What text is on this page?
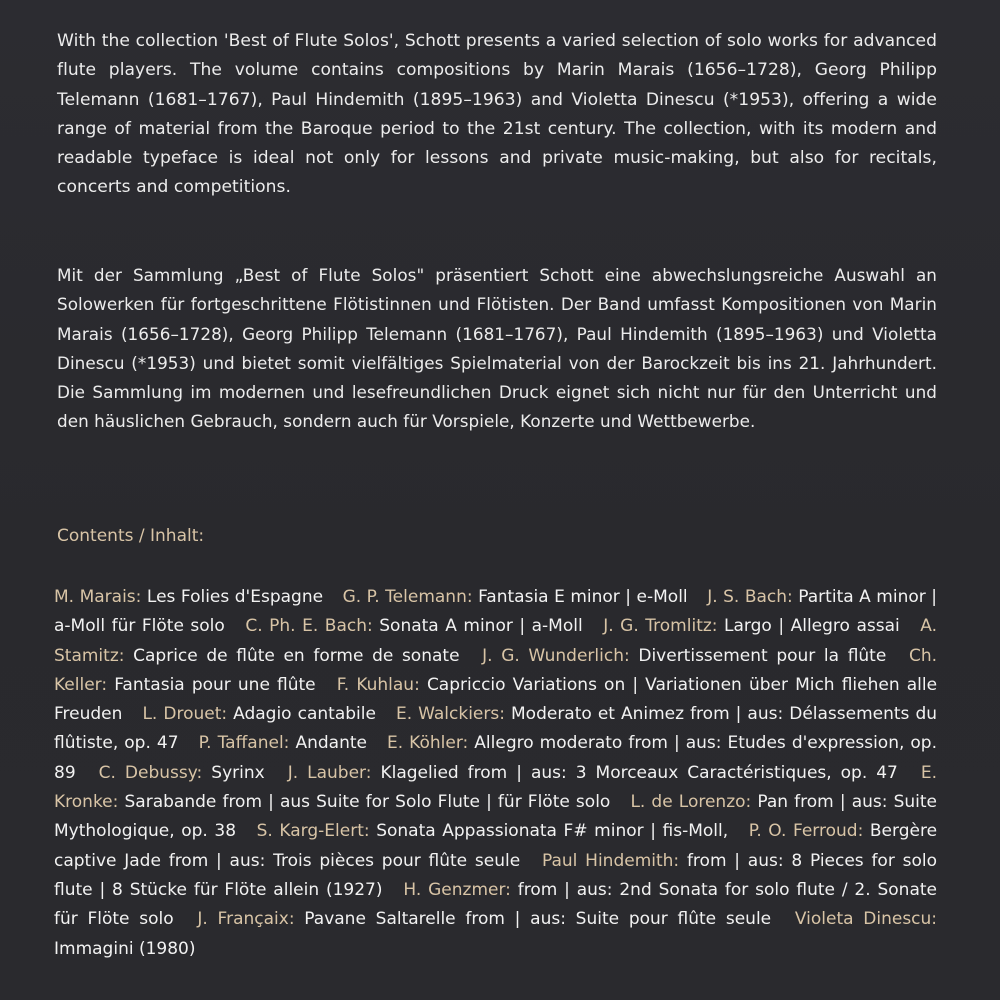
With the collection 'Best of Flute Solos', Schott presents a varied selection of solo works for advanced flute players. The volume contains compositions by Marin Marais (1656–1728), Georg Philipp Telemann (1681–1767), Paul Hindemith (1895–1963) and Violetta Dinescu (*1953), offering a wide range of material from the Baroque period to the 21st century. The collection, with its modern and readable typeface is ideal not only for lessons and private music-making, but also for recitals, concerts and competitions.

Mit der Sammlung „Best of Flute Solos" präsentiert Schott eine abwechslungsreiche Auswahl an Solowerken für fortgeschrittene Flötistinnen und Flötisten. Der Band umfasst Kompositionen von Marin Marais (1656–1728), Georg Philipp Telemann (1681–1767), Paul Hindemith (1895–1963) und Violetta Dinescu (*1953) und bietet somit vielfältiges Spielmaterial von der Barockzeit bis ins 21. Jahrhundert. Die Sammlung im modernen und lesefreundlichen Druck eignet sich nicht nur für den Unterricht und den häuslichen Gebrauch, sondern auch für Vorspiele, Konzerte und Wettbewerbe.

Contents / Inhalt:
M. Marais: Les Folies d'Espagne G. P. Telemann: Fantasia E minor | e-Moll J. S. Bach: Partita A minor | a-Moll für Flöte solo C. Ph. E. Bach: Sonata A minor | a-Moll J. G. Tromlitz: Largo | Allegro assai A. Stamitz: Caprice de flûte en forme de sonate J. G. Wunderlich: Divertissement pour la flûte Ch. Keller: Fantasia pour une flûte F. Kuhlau: Capriccio Variations on | Variationen über Mich fliehen alle Freuden L. Drouet: Adagio cantabile E. Walckiers: Moderato et Animez from | aus: Délassements du flûtiste, op. 47 P. Taffanel: Andante E. Köhler: Allegro moderato from | aus: Etudes d'expression, op. 89 C. Debussy: Syrinx J. Lauber: Klagelied from | aus: 3 Morceaux Caractéristiques, op. 47 E. Kronke: Sarabande from | aus Suite for Solo Flute | für Flöte solo L. de Lorenzo: Pan from | aus: Suite Mythologique, op. 38 S. Karg-Elert: Sonata Appassionata F# minor | fis-Moll, P. O. Ferroud: Bergère captive Jade from | aus: Trois pièces pour flûte seule Paul Hindemith: from | aus: 8 Pieces for solo flute | 8 Stücke für Flöte allein (1927) H. Genzmer: from | aus: 2nd Sonata for solo flute / 2. Sonate für Flöte solo J. Françaix: Pavane Saltarelle from | aus: Suite pour flûte seule Violeta Dinescu: Immagini (1980)
